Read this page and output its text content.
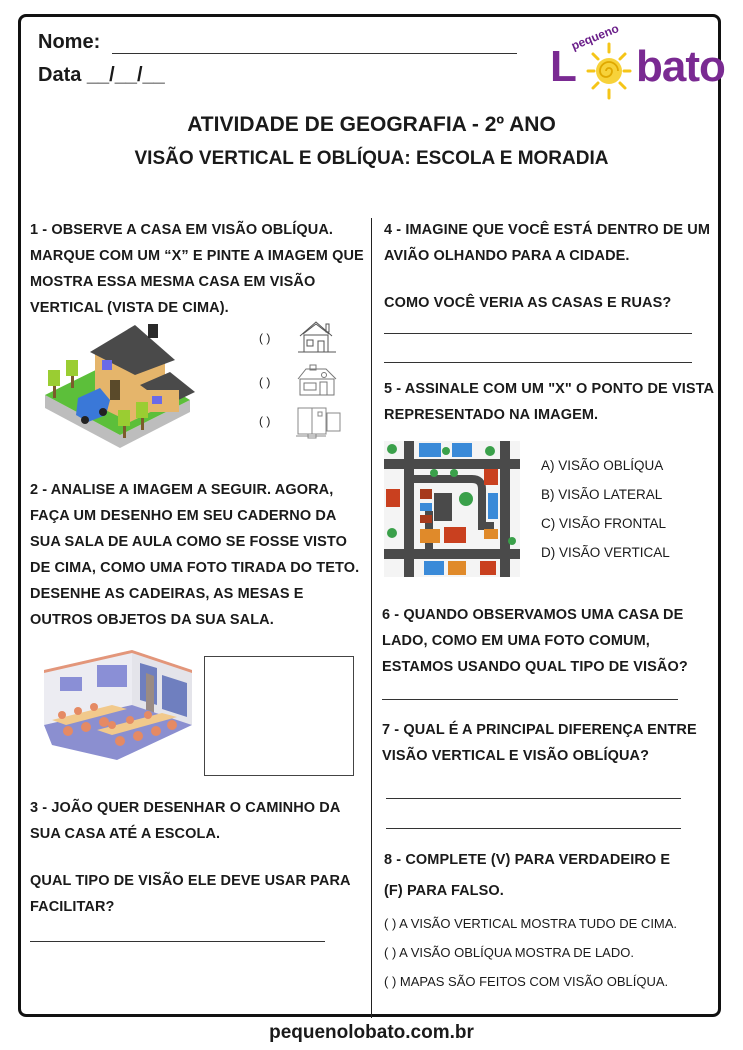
Nome:
Data __/__/__
pequeno
L bato
ATIVIDADE DE GEOGRAFIA - 2º ANO
VISÃO VERTICAL E OBLÍQUA: ESCOLA E MORADIA
1 - OBSERVE A CASA EM VISÃO OBLÍQUA. MARQUE COM UM “X” E PINTE A IMAGEM QUE MOSTRA ESSA MESMA CASA EM VISÃO VERTICAL (VISTA DE CIMA).
( )
( )
( )
2 - ANALISE A IMAGEM A SEGUIR. AGORA, FAÇA UM DESENHO EM SEU CADERNO DA SUA SALA DE AULA COMO SE FOSSE VISTO DE CIMA, COMO UMA FOTO TIRADA DO TETO. DESENHE AS CADEIRAS, AS MESAS E OUTROS OBJETOS DA SUA SALA.
3 - JOÃO QUER DESENHAR O CAMINHO DA SUA CASA ATÉ A ESCOLA.
QUAL TIPO DE VISÃO ELE DEVE USAR PARA FACILITAR?
4 - IMAGINE QUE VOCÊ ESTÁ DENTRO DE UM AVIÃO OLHANDO PARA A CIDADE.
COMO VOCÊ VERIA AS CASAS E RUAS?
5 - ASSINALE COM UM "X" O PONTO DE VISTA REPRESENTADO NA IMAGEM.
A) VISÃO OBLÍQUA
B) VISÃO LATERAL
C) VISÃO FRONTAL
D) VISÃO VERTICAL
6 - QUANDO OBSERVAMOS UMA CASA DE LADO, COMO EM UMA FOTO COMUM, ESTAMOS USANDO QUAL TIPO DE VISÃO?
7 - QUAL É A PRINCIPAL DIFERENÇA ENTRE VISÃO VERTICAL E VISÃO OBLÍQUA?
8 - COMPLETE (V) PARA VERDADEIRO E
(F) PARA FALSO.
( ) A VISÃO VERTICAL MOSTRA TUDO DE CIMA.
( ) A VISÃO OBLÍQUA MOSTRA DE LADO.
( ) MAPAS SÃO FEITOS COM VISÃO OBLÍQUA.
pequenolobato.com.br
